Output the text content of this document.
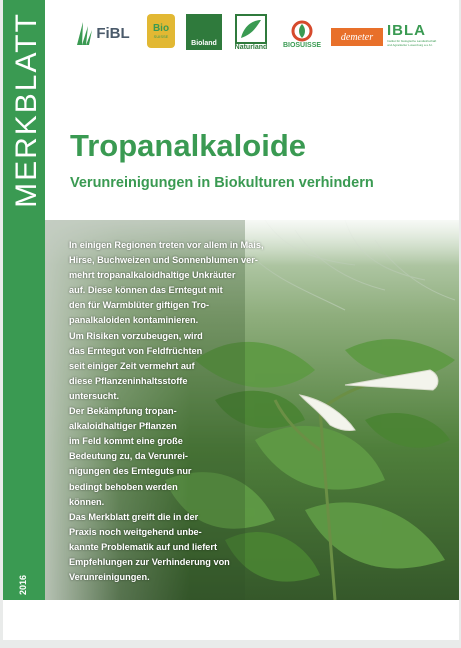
MERKBLATT
2016
FiBL Bio
SUISSE
Bioland	Naturland BIOSUISSE
demeter IBLA
Institut für biologische Landwirtschaft
und Agrarkultur Luxemburg a.s.b.l.
Tropanalkaloide
Verunreinigungen in Biokulturen verhindern

In einigen Regionen treten vor allem in Mais,

Hirse, Buchweizen und Sonnenblumen ver-

mehrt tropanalkaloidhaltige Unkräuter

auf. Diese können das Erntegut mit

den für Warmblüter giftigen Tro-

panalkaloiden kontaminieren.

Um Risiken vorzubeugen, wird

das Erntegut von Feldfrüchten

seit einiger Zeit vermehrt auf

diese Pflanzeninhaltsstoffe

untersucht.

Der Bekämpfung tropan-

alkaloidhaltiger Pflanzen

im Feld kommt eine große

Bedeutung zu, da Verunrei-

nigungen des Ernteguts nur

bedingt behoben werden

können.

Das Merkblatt greift die in der

Praxis noch weitgehend unbe-

kannte Problematik auf und liefert

Empfehlungen zur Verhinderung von

Verunreinigungen.
